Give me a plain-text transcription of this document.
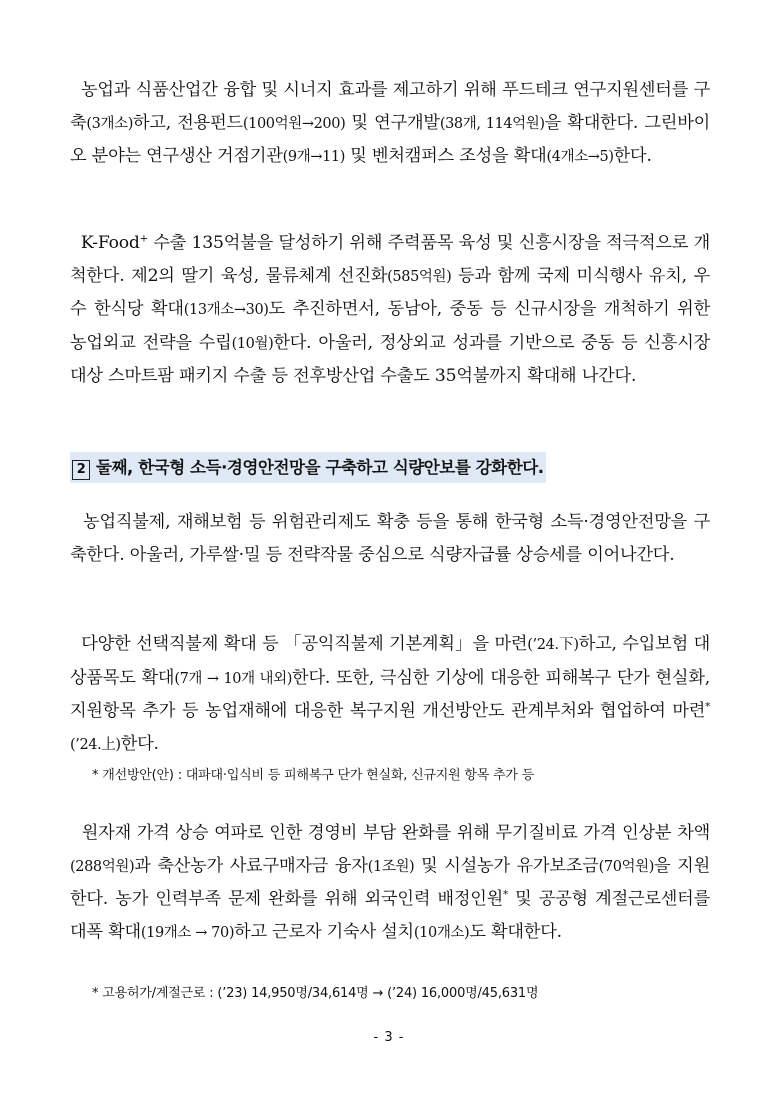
농업과 식품산업간 융합 및 시너지 효과를 제고하기 위해 푸드테크 연구지원센터를 구축(3개소)하고, 전용펀드(100억원→200) 및 연구개발(38개, 114억원)을 확대한다. 그린바이오 분야는 연구생산 거점기관(9개→11) 및 벤처캠퍼스 조성을 확대(4개소→5)한다.

K-Food+ 수출 135억불을 달성하기 위해 주력품목 육성 및 신흥시장을 적극적으로 개척한다. 제2의 딸기 육성, 물류체계 선진화(585억원) 등과 함께 국제 미식행사 유치, 우수 한식당 확대(13개소→30)도 추진하면서, 동남아, 중동 등 신규시장을 개척하기 위한 농업외교 전략을 수립(10월)한다. 아울러, 정상외교 성과를 기반으로 중동 등 신흥시장 대상 스마트팜 패키지 수출 등 전후방산업 수출도 35억불까지 확대해 나간다.

2 둘째, 한국형 소득·경영안전망을 구축하고 식량안보를 강화한다.

농업직불제, 재해보험 등 위험관리제도 확충 등을 통해 한국형 소득·경영안전망을 구축한다. 아울러, 가루쌀·밀 등 전략작물 중심으로 식량자급률 상승세를 이어나간다.

다양한 선택직불제 확대 등 「공익직불제 기본계획」을 마련(’24.下)하고, 수입보험 대상품목도 확대(7개 → 10개 내외)한다. 또한, 극심한 기상에 대응한 피해복구 단가 현실화, 지원항목 추가 등 농업재해에 대응한 복구지원 개선방안도 관계부처와 협업하여 마련*(’24.上)한다.

* 개선방안(안) : 대파대·입식비 등 피해복구 단가 현실화, 신규지원 항목 추가 등

원자재 가격 상승 여파로 인한 경영비 부담 완화를 위해 무기질비료 가격 인상분 차액(288억원)과 축산농가 사료구매자금 융자(1조원) 및 시설농가 유가보조금(70억원)을 지원한다. 농가 인력부족 문제 완화를 위해 외국인력 배정인원* 및 공공형 계절근로센터를 대폭 확대(19개소 → 70)하고 근로자 기숙사 설치(10개소)도 확대한다.

* 고용허가/계절근로 : (’23) 14,950명/34,614명 → (’24) 16,000명/45,631명

- 3 -
